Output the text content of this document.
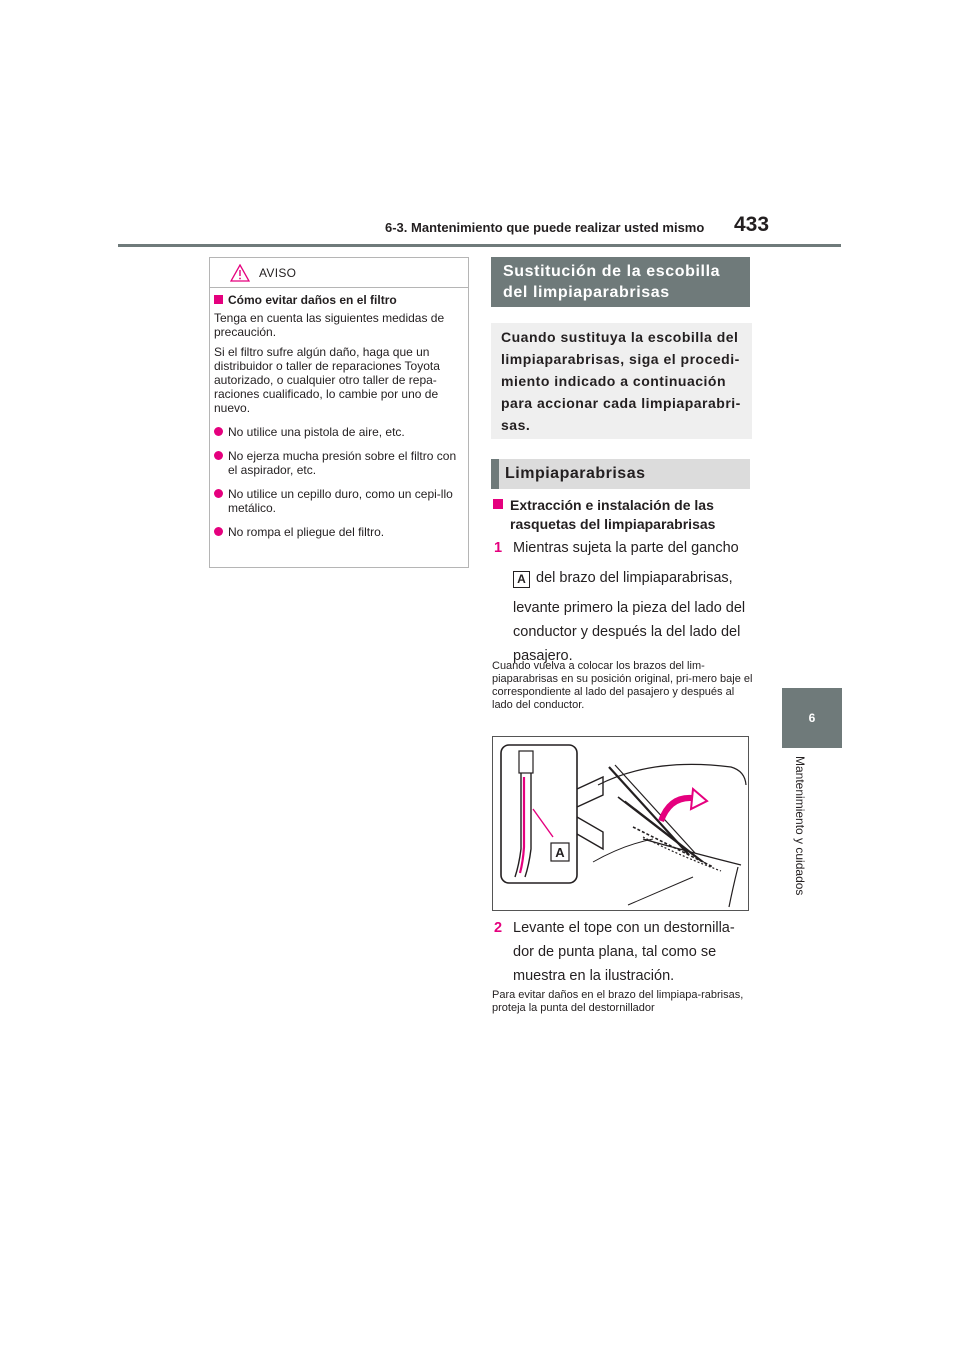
6-3. Mantenimiento que puede realizar usted mismo 433
6
Mantenimiento y cuidados
AVISO
Cómo evitar daños en el filtro

Tenga en cuenta las siguientes medidas de precaución.

Si el filtro sufre algún daño, haga que un distribuidor o taller de reparaciones Toyota autorizado, o cualquier otro taller de repa-raciones cualificado, lo cambie por uno de nuevo.

No utilice una pistola de aire, etc.
No ejerza mucha presión sobre el filtro con el aspirador, etc.
No utilice un cepillo duro, como un cepi-llo metálico.
No rompa el pliegue del filtro.
Sustitución de la escobilla del limpiaparabrisas
Cuando sustituya la escobilla del limpiaparabrisas, siga el procedi-miento indicado a continuación para accionar cada limpiaparabri-sas.
Limpiaparabrisas
Extracción e instalación de las rasquetas del limpiaparabrisas
1 Mientras sujeta la parte del gancho
A del brazo del limpiaparabrisas, levante primero la pieza del lado del conductor y después la del lado del pasajero.
Cuando vuelva a colocar los brazos del lim-piaparabrisas en su posición original, pri-mero baje el correspondiente al lado del pasajero y después al lado del conductor.
A
2 Levante el tope con un destornilla-dor de punta plana, tal como se muestra en la ilustración.
Para evitar daños en el brazo del limpiapa-rabrisas, proteja la punta del destornillador
